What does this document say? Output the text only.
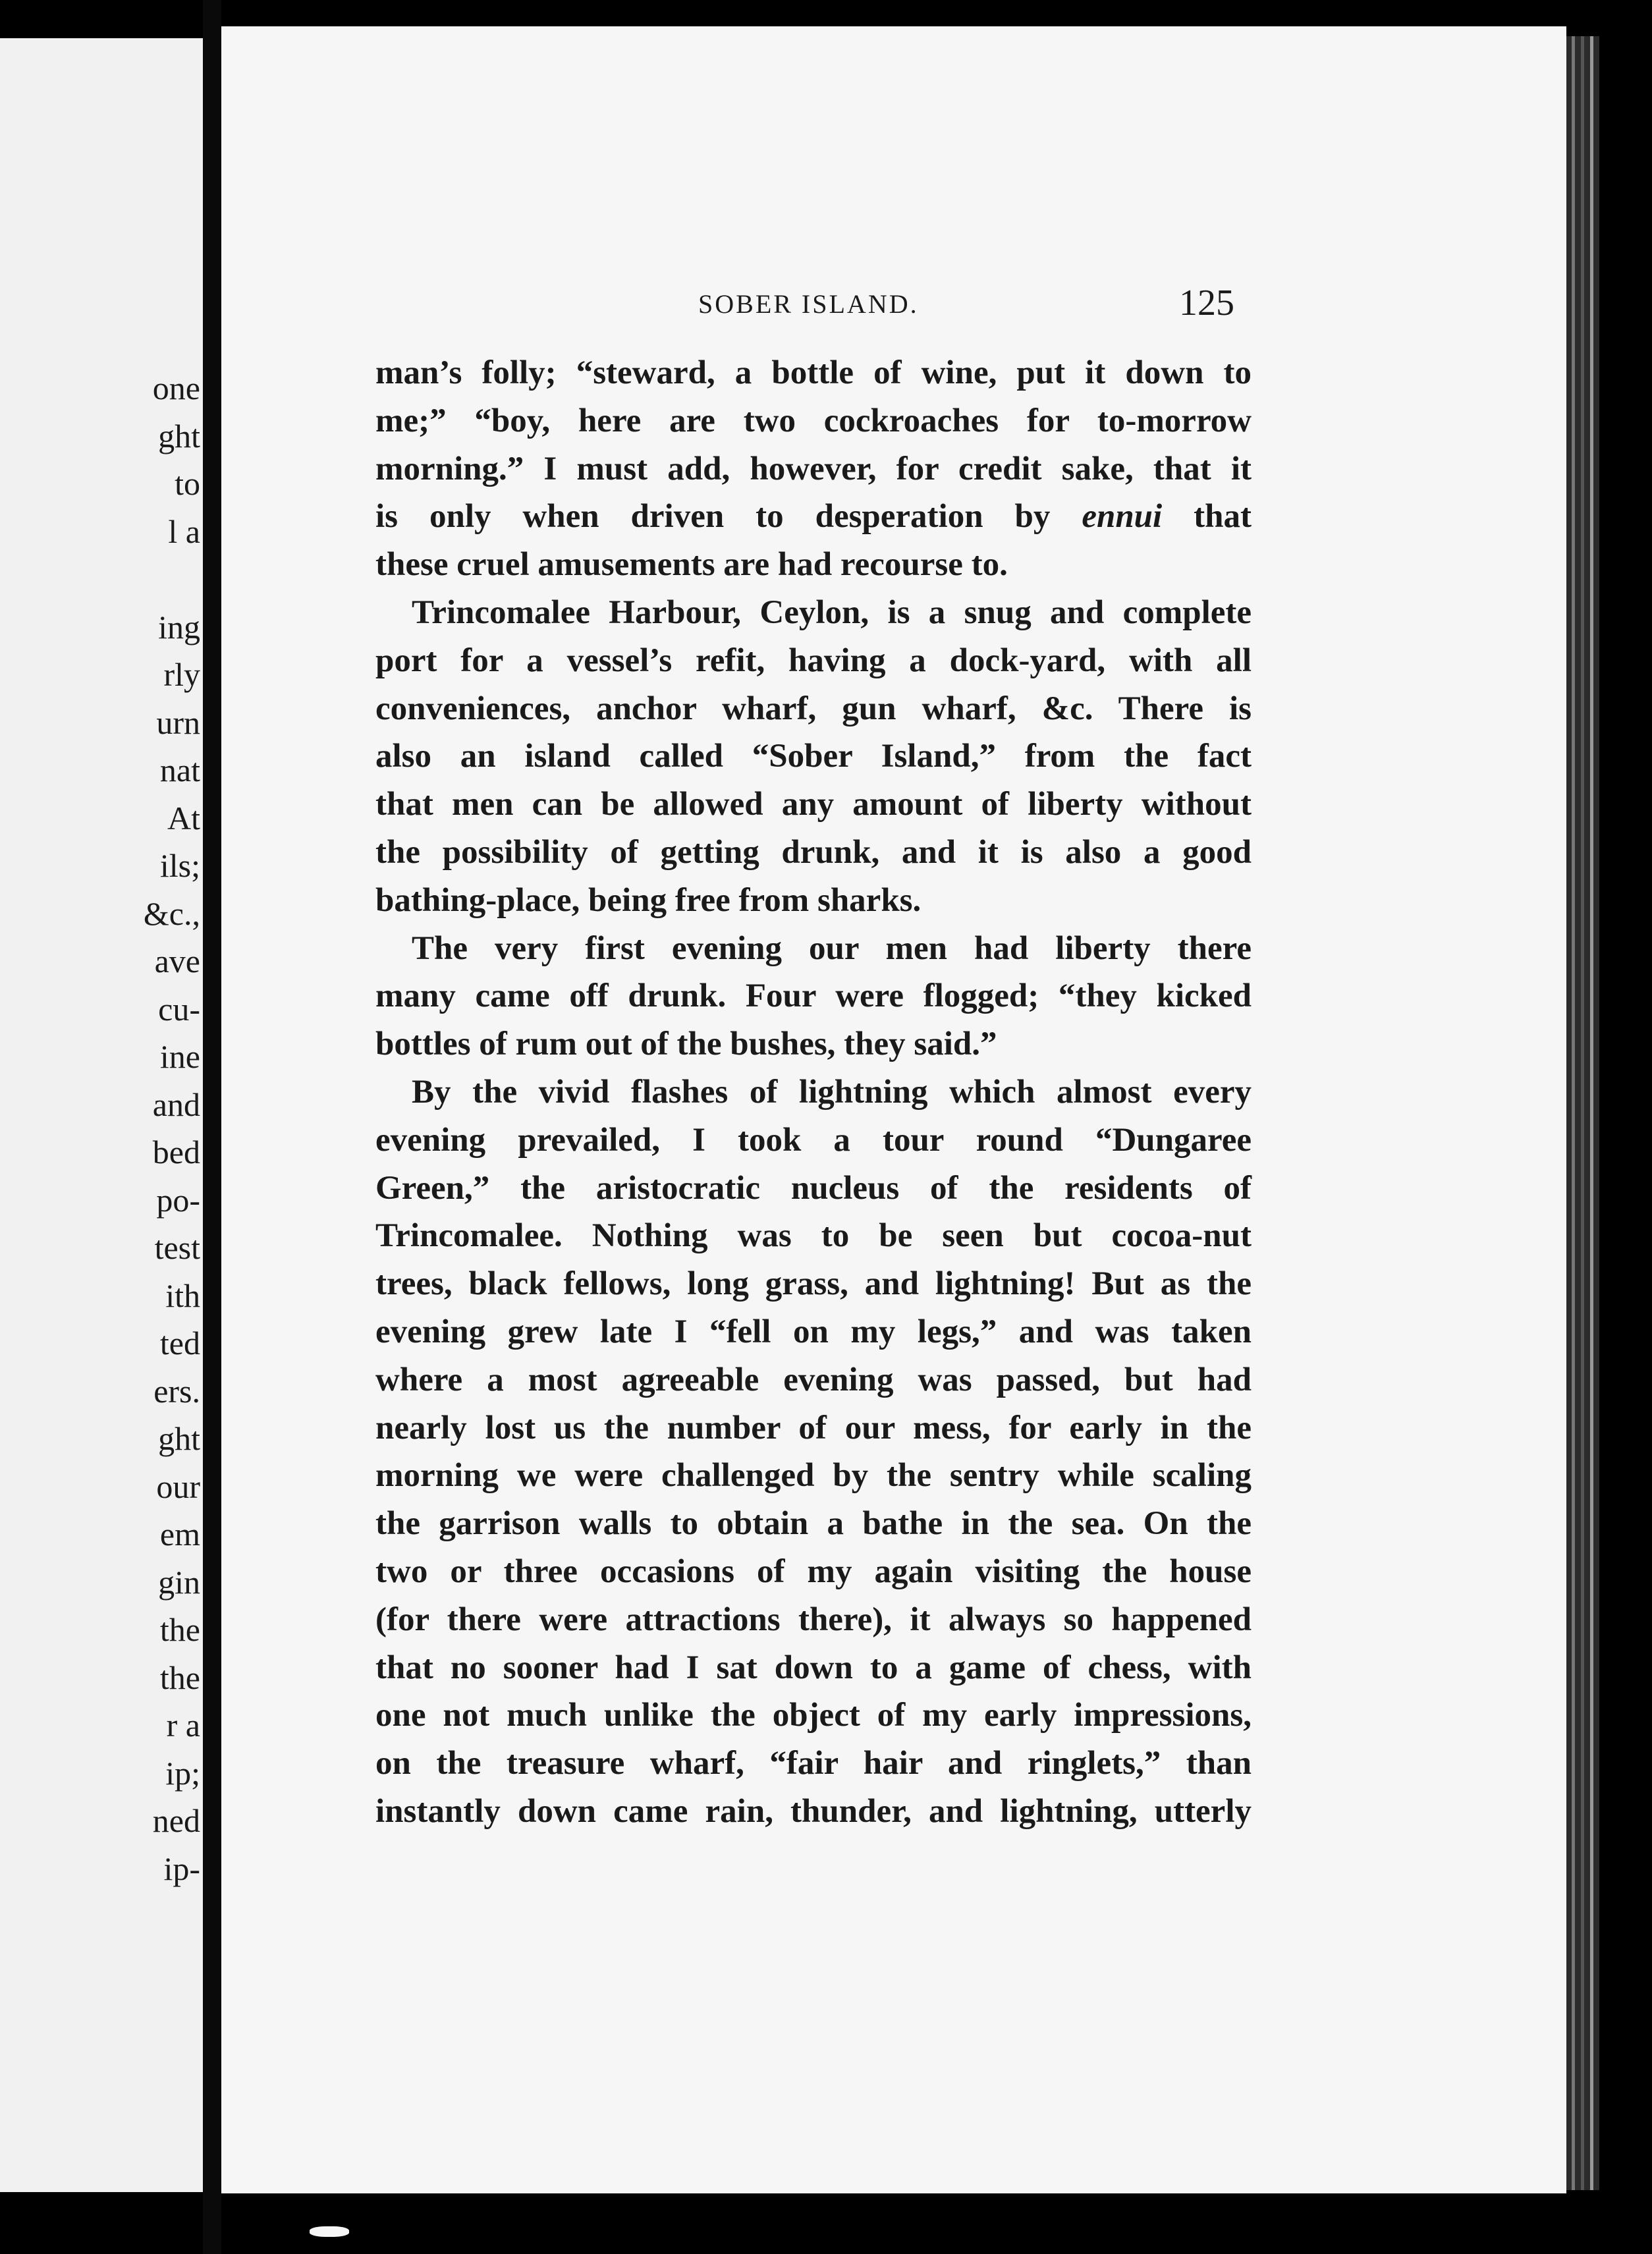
one
ght
to
l a

ing
rly
urn
nat
At
ils;
&c.,
ave
cu-
ine
and
bed
po-
test
ith
ted
ers.
ght
our
em
gin
the
the
r a
ip;
ned
ip-
SOBER ISLAND.	125
man’s folly; “steward, a bottle of wine, put it down to
me;” “boy, here are two cockroaches for to-morrow
morning.” I must add, however, for credit sake, that it
is only when driven to desperation by ennui that
these cruel amusements are had recourse to.
Trincomalee Harbour, Ceylon, is a snug and complete
port for a vessel’s refit, having a dock-yard, with all
conveniences, anchor wharf, gun wharf, &c. There is
also an island called “Sober Island,” from the fact
that men can be allowed any amount of liberty without
the possibility of getting drunk, and it is also a good
bathing-place, being free from sharks.
The very first evening our men had liberty there
many came off drunk. Four were flogged; “they kicked
bottles of rum out of the bushes, they said.”
By the vivid flashes of lightning which almost every
evening prevailed, I took a tour round “Dungaree
Green,” the aristocratic nucleus of the residents of
Trincomalee. Nothing was to be seen but cocoa-nut
trees, black fellows, long grass, and lightning! But as the
evening grew late I “fell on my legs,” and was taken
where a most agreeable evening was passed, but had
nearly lost us the number of our mess, for early in the
morning we were challenged by the sentry while scaling
the garrison walls to obtain a bathe in the sea. On the
two or three occasions of my again visiting the house
(for there were attractions there), it always so happened
that no sooner had I sat down to a game of chess, with
one not much unlike the object of my early impressions,
on the treasure wharf, “fair hair and ringlets,” than
instantly down came rain, thunder, and lightning, utterly
